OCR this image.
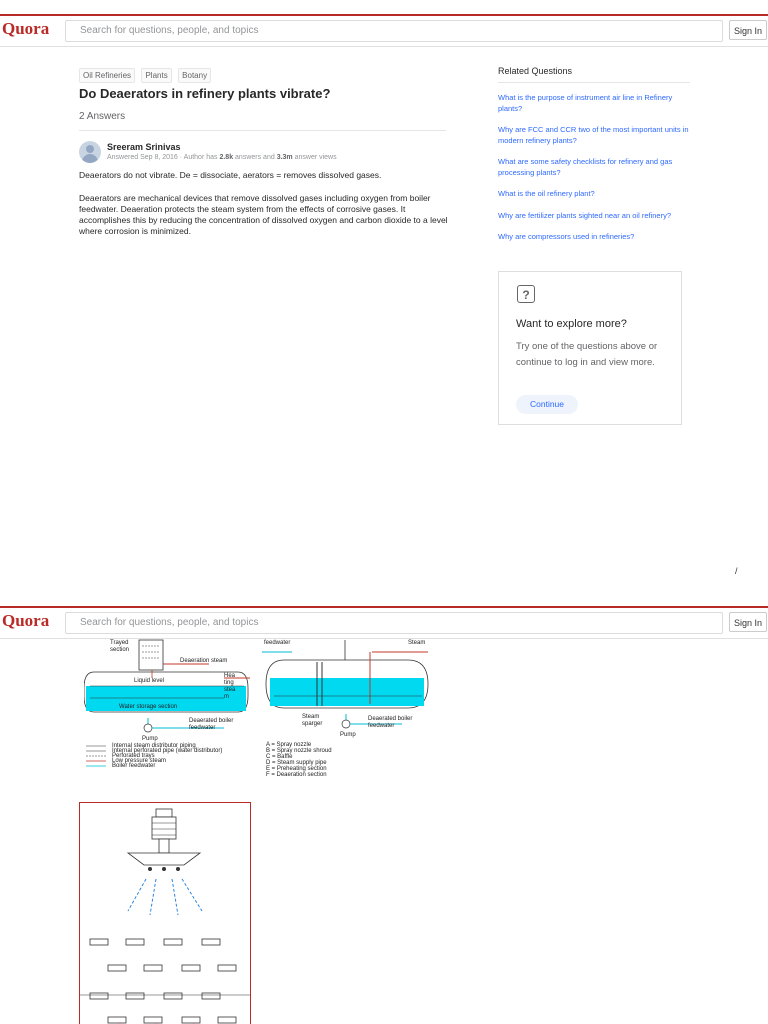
Quora	Search for questions, people, and topics	Sign In
Oil Refineries Plants Botany
Do Deaerators in refinery plants vibrate?
2 Answers
Sreeram Srinivas
Answered Sep 8, 2016 · Author has 2.8k answers and 3.3m answer views
Deaerators do not vibrate. De = dissociate, aerators = removes dissolved gases.
Deaerators are mechanical devices that remove dissolved gases including oxygen from boiler feedwater. Deaeration protects the steam system from the effects of corrosive gases. It accomplishes this by reducing the concentration of dissolved oxygen and carbon dioxide to a level where corrosion is minimized.
Related Questions
What is the purpose of instrument air line in Refinery plants?
Why are FCC and CCR two of the most important units in modern refinery plants?
What are some safety checklists for refinery and gas processing plants?
What is the oil refinery plant?
Why are fertilizer plants sighted near an oil refinery?
Why are compressors used in refineries?
?
Want to explore more?
Try one of the questions above or continue to log in and view more.
Continue
/
Quora	Search for questions, people, and topics	Sign In
Trayed section
Deaeration steam
Liquid level
Heating steam
Water storage section
Deaerated boiler feedwater
Pump
Internal steam distributor piping
Internal perforated pipe (water distributor)
Perforated trays
Low pressure steam
Boiler feedwater
feedwater	Steam
Steam sparger
Deaerated boiler feedwater
Pump
A = Spray nozzle
B = Spray nozzle shroud
C = Baffle
D = Steam supply pipe
E = Preheating section
F = Deaeration section
